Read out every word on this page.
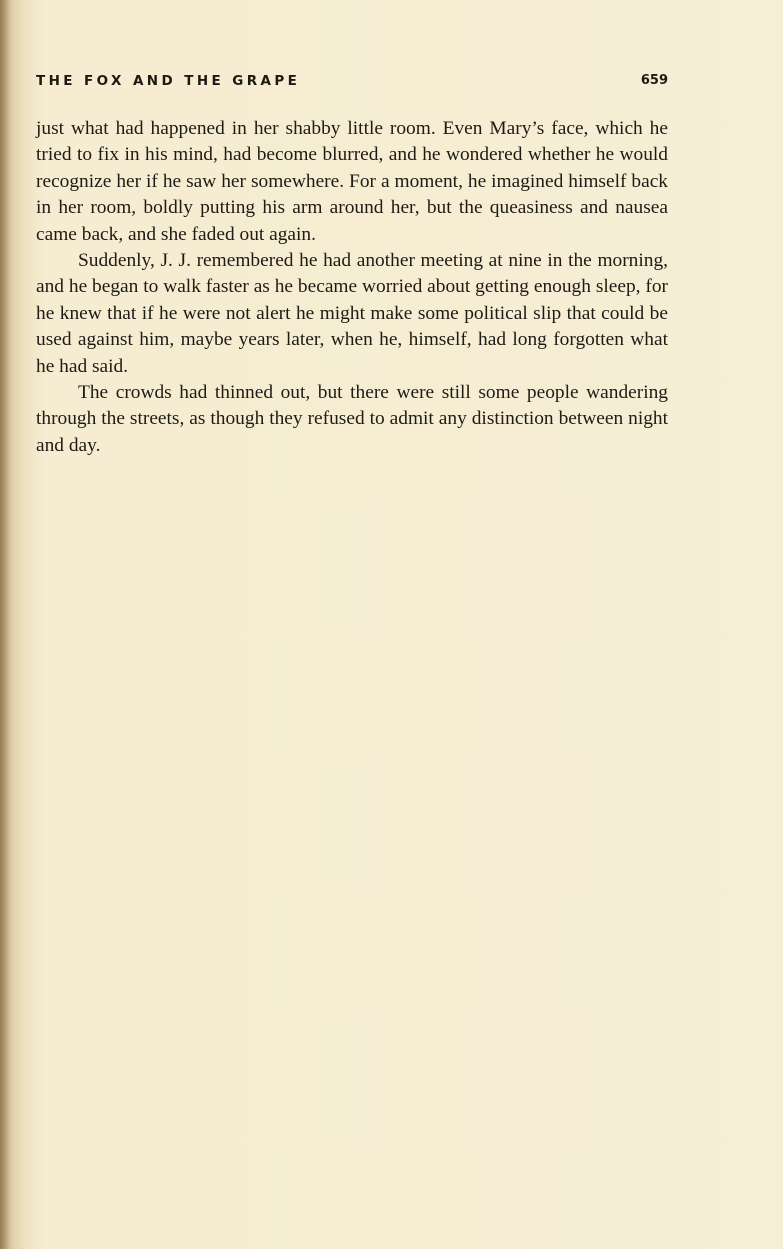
THE FOX AND THE GRAPE	659

just what had happened in her shabby little room. Even Mary’s face, which he tried to fix in his mind, had become blurred, and he wondered whether he would recognize her if he saw her somewhere. For a moment, he imagined himself back in her room, boldly putting his arm around her, but the queasiness and nausea came back, and she faded out again.

Suddenly, J. J. remembered he had another meeting at nine in the morning, and he began to walk faster as he became worried about getting enough sleep, for he knew that if he were not alert he might make some political slip that could be used against him, maybe years later, when he, himself, had long forgotten what he had said.

The crowds had thinned out, but there were still some people wandering through the streets, as though they refused to admit any distinction between night and day.
